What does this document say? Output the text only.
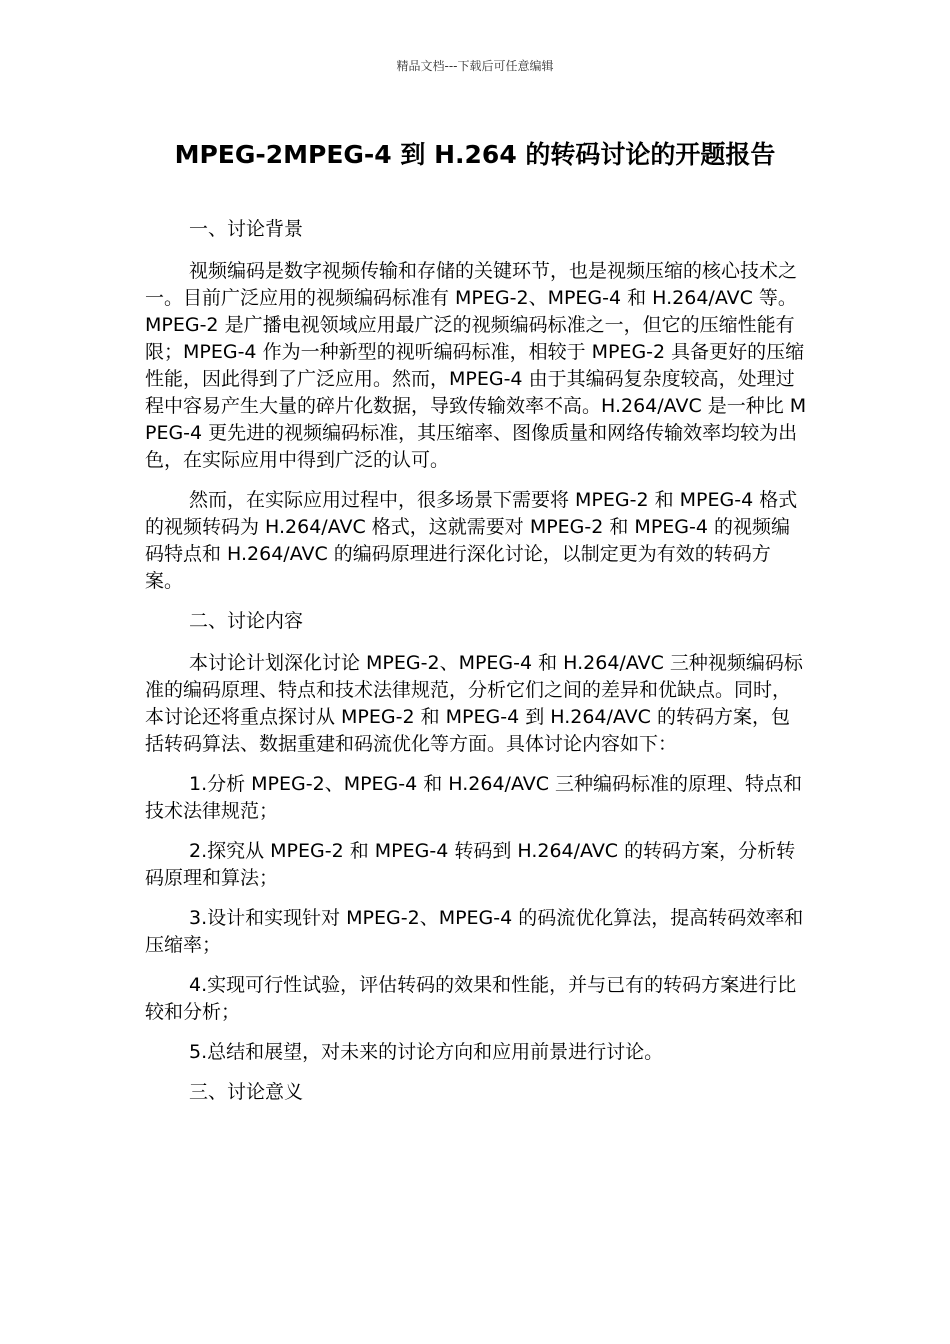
精品文档---下载后可任意编辑
MPEG-2MPEG-4 到 H.264 的转码讨论的开题报告

一、讨论背景

视频编码是数字视频传输和存储的关键环节，也是视频压缩的核心技术之一。目前广泛应用的视频编码标准有 MPEG-2、MPEG-4 和 H.264/AVC 等。MPEG-2 是广播电视领域应用最广泛的视频编码标准之一，但它的压缩性能有限；MPEG-4 作为一种新型的视听编码标准，相较于 MPEG-2 具备更好的压缩性能，因此得到了广泛应用。然而，MPEG-4 由于其编码复杂度较高，处理过程中容易产生大量的碎片化数据，导致传输效率不高。H.264/AVC 是一种比 MPEG-4 更先进的视频编码标准，其压缩率、图像质量和网络传输效率均较为出色，在实际应用中得到广泛的认可。

然而，在实际应用过程中，很多场景下需要将 MPEG-2 和 MPEG-4 格式的视频转码为 H.264/AVC 格式，这就需要对 MPEG-2 和 MPEG-4 的视频编码特点和 H.264/AVC 的编码原理进行深化讨论，以制定更为有效的转码方案。

二、讨论内容

本讨论计划深化讨论 MPEG-2、MPEG-4 和 H.264/AVC 三种视频编码标准的编码原理、特点和技术法律规范，分析它们之间的差异和优缺点。同时，本讨论还将重点探讨从 MPEG-2 和 MPEG-4 到 H.264/AVC 的转码方案，包括转码算法、数据重建和码流优化等方面。具体讨论内容如下：

1.分析 MPEG-2、MPEG-4 和 H.264/AVC 三种编码标准的原理、特点和技术法律规范；

2.探究从 MPEG-2 和 MPEG-4 转码到 H.264/AVC 的转码方案，分析转码原理和算法；

3.设计和实现针对 MPEG-2、MPEG-4 的码流优化算法，提高转码效率和压缩率；

4.实现可行性试验，评估转码的效果和性能，并与已有的转码方案进行比较和分析；

5.总结和展望，对未来的讨论方向和应用前景进行讨论。

三、讨论意义
